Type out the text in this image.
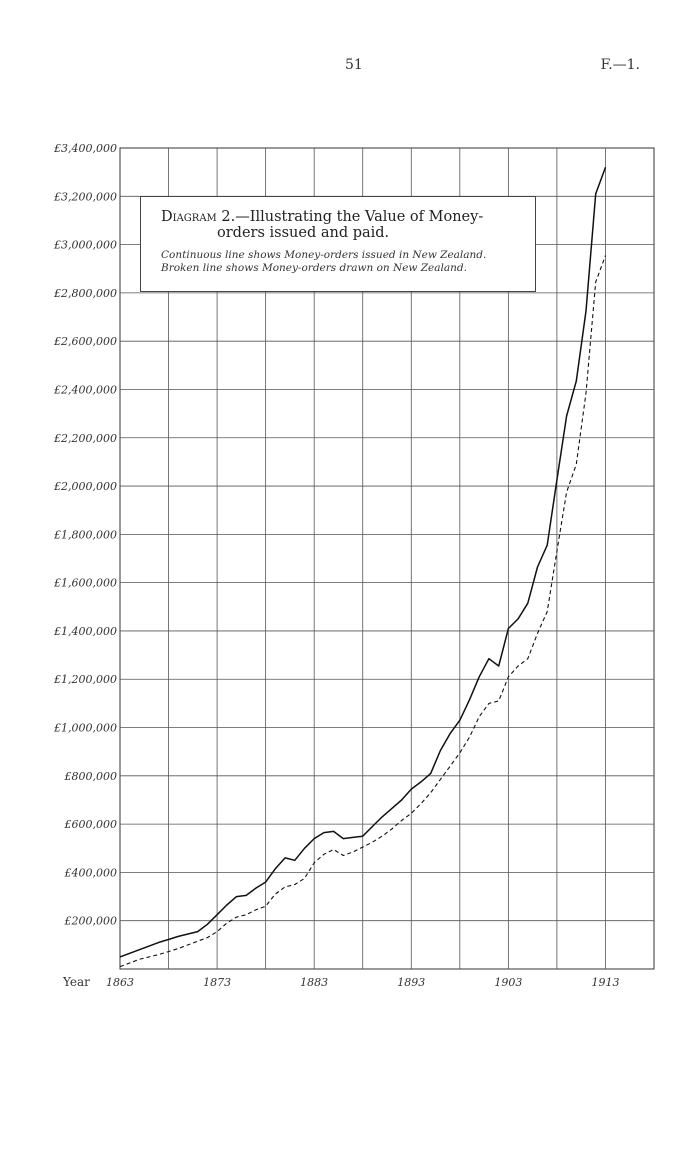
51	F.—1.
£200,000
£400,000
£600,000
£800,000
£1,000,000
£1,200,000
£1,400,000
£1,600,000
£1,800,000
£2,000,000
£2,200,000
£2,400,000
£2,600,000
£2,800,000
£3,000,000
£3,200,000
£3,400,000
1863	1873	1883	1893	1903	1913
Year
Diagram 2.—Illustrating the Value of Money-
orders issued and paid.
Continuous line shows Money-orders issued in New Zealand.
Broken line shows Money-orders drawn on New Zealand.
